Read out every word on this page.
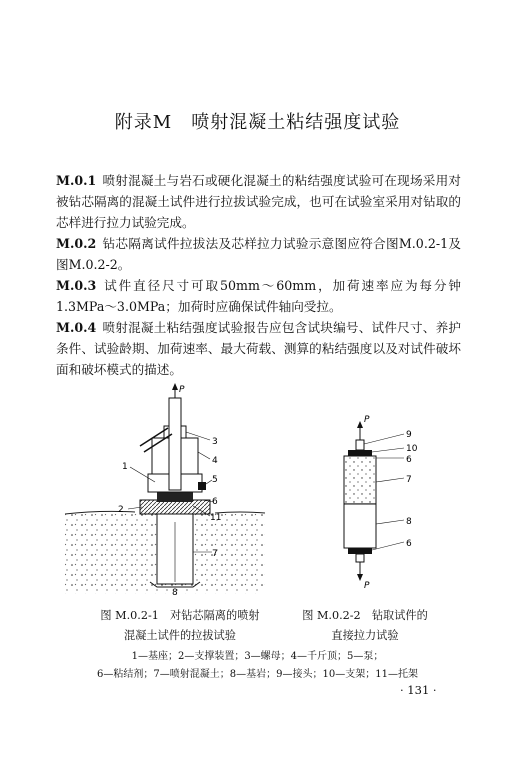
附录M　喷射混凝土粘结强度试验
M.0.1 喷射混凝土与岩石或硬化混凝土的粘结强度试验可在现场采用对被钻芯隔离的混凝土试件进行拉拔试验完成，也可在试验室采用对钻取的芯样进行拉力试验完成。
M.0.2 钻芯隔离试件拉拔法及芯样拉力试验示意图应符合图M.0.2-1及图M.0.2-2。
M.0.3 试件直径尺寸可取50mm～60mm，加荷速率应为每分钟1.3MPa～3.0MPa；加荷时应确保试件轴向受拉。
M.0.4 喷射混凝土粘结强度试验报告应包含试块编号、试件尺寸、养护条件、试验龄期、加荷速率、最大荷载、测算的粘结强度以及对试件破坏面和破坏模式的描述。
P
1
2
3
4
5
6
7
8
11
P
9
10
6
7
8
6
P
图 M.0.2-1　对钻芯隔离的喷射
混凝土试件的拉拔试验
图 M.0.2-2　钻取试件的
直接拉力试验
1—基座；2—支撑装置；3—螺母；4—千斤顶；5—泵；
6—粘结剂；7—喷射混凝土；8—基岩；9—接头；10—支架；11—托架
· 131 ·
